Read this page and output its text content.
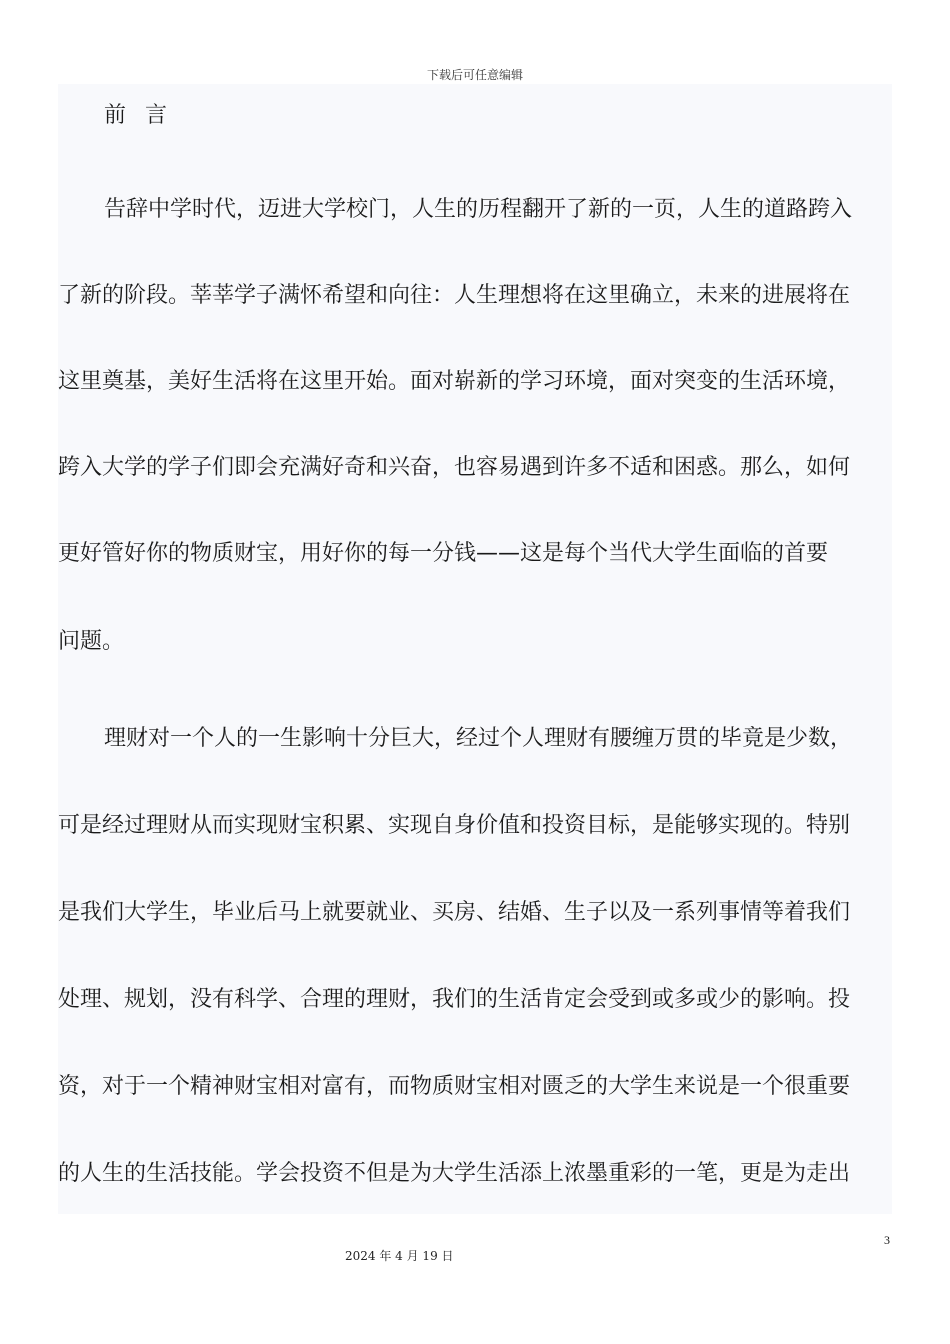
下载后可任意编辑
前 言
告辞中学时代，迈进大学校门，人生的历程翻开了新的一页，人生的道路跨入
了新的阶段。莘莘学子满怀希望和向往：人生理想将在这里确立，未来的进展将在
这里奠基，美好生活将在这里开始。面对崭新的学习环境，面对突变的生活环境，
跨入大学的学子们即会充满好奇和兴奋，也容易遇到许多不适和困惑。那么，如何
更好管好你的物质财宝，用好你的每一分钱——这是每个当代大学生面临的首要
问题。
理财对一个人的一生影响十分巨大，经过个人理财有腰缠万贯的毕竟是少数，
可是经过理财从而实现财宝积累、实现自身价值和投资目标，是能够实现的。特别
是我们大学生，毕业后马上就要就业、买房、结婚、生子以及一系列事情等着我们
处理、规划，没有科学、合理的理财，我们的生活肯定会受到或多或少的影响。投
资，对于一个精神财宝相对富有，而物质财宝相对匮乏的大学生来说是一个很重要
的人生的生活技能。学会投资不但是为大学生活添上浓墨重彩的一笔，更是为走出
3
2024 年 4 月 19 日
